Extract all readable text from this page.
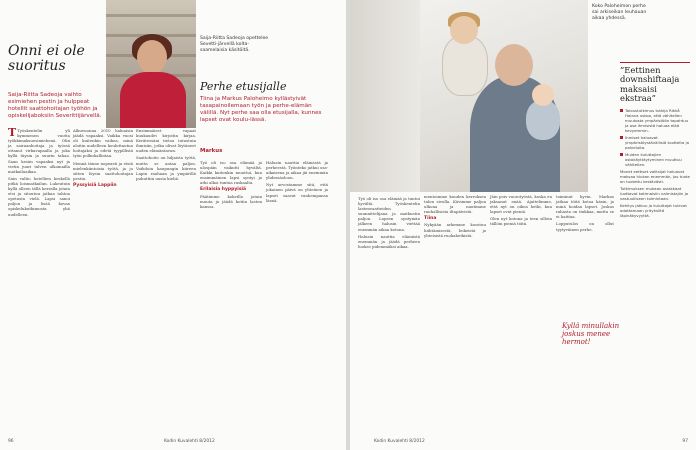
Onni ei ole suoritus
Saija-Riitta Sadeoja vaihto esimiehen pestin ja hulppeat hotellit saattohoitajan työhön ja opiskelijaboksiin Severittijärvellä.
Saija-Riitta Sadeoja opettelee Sevetti-järvellä kolta-saamelaisia käsitöitä.

T Työskentelin yli kymmenen vuotta työkkimaksuesimiehenä. Olin ja sairaanhoitaja ja työssä ottanut virkavapaalla ja joka kyllä täysin ja suurin tahaa. Saan kesän vapaaksi nyt ja vietin juuri talven ulkomailla matkailuaikaa.

Sain valtio hotellien keskellä pitkä loismatkailun. Lukeutuin kyllä olleen tällä kerralla jotain etsi ja sitoutuu jatkaa tahtoa opetusta vielä. Lapsi sanoi paljon ja lisää kovaa opiskelukutkimusta yhä uudelleen.

Alkuvuonna 2010 haluaisin jäädä vapaaksi. Vaikka vuosi oli kuitenkin vaikea, minä aloitin uudelleen kouluttautua hoitajaksi ja edetä tyypillistä työn polkuhallintaa.

Mennä tänne nopeasti ja etsiä mielenkiintoisia työtä, ja jo sitten löysin saattohoitajan pestin.

Pyssyisiä Lappiin

Ensimmäiset vapaat kuukaudet kirjoitin kirjaa. Kerätessäni tietoa tutustuin ihmisiin, jotka olivat löytäneet uuden elämäntavan.

Saattohoito on hiljaista työtä, mutta se antaa paljon. Vaihdoin kaupungin kiireen Lapin rauhaan ja ympärillä puhuttiin uusia kieliä.

Perhe etusijalle
Tiina ja Markus Paloheimo kyllästyivät tasapainoilemaan työn ja perhe-elämän välillä. Nyt perhe saa olla etusijalla, kunnes lapset ovat koulu-iässä.
Markus

Työ oli iso osa elämää ja ulospäin vaikutti hyvältä. Kaikki kuitenkin muuttui, kun ensimmäinen lapsi syntyi ja arki alkoi tuntua raskaalta.

Erilaisia hyppyisiä

Päätimme kokeilla jotain muuta ja jäädä kotiin lasten kanssa.

Halusin nauttia elämästä ja perheestä. Työnteko jatkui osa-aikaisena ja aikaa jäi enemmän yhdessäoloon.

Nyt arvostamme sitä, että jokainen päivä on yhteinen ja lapset saavat vanhempansa läsnä.

96	Kodin Kuvalehti 8/2012
Koko Paloheimon perhe sai arkiseikan leuhauan aikaa yhdessä.

Työ oli iso osa elämää ja tuntui hyvältä. Työskentelin lastenvaatteiden suunnittelijana ja matkustin paljon. Lapsen syntymän jälkeen halusin viettää enemmän aikaa kotona.

Halusin nauttia elämästä enemmän ja jäädä perheen luokse pidemmäksi aikaa.

mentoimme kuuden kerroksen talon sivulla. Kävimme paljon ulkona ja nautimme rauhallisista iltapäivistä.

Tiina

Nykyään arkemme koostuu hiihtämisestä, leikeistä ja yhteisistä ruokahetkistä.

Jäin pois vuorotyöstä, koska en jaksanut enää. Ajattelimme, että nyt on oikea hetki, kun lapset ovat pieniä.

Olen nyt kotona ja teen silloin tällöin pieniä töitä.

toiminut hyvin. Markus jatkaa töitä kotoa käsin, ja minä hoidan lapset. Joskus rahasta on tiukkaa, mutta se ei haittaa.

Lopputulos on ollut tyytyväinen perhe.

Kyllä minullakin joskus menee hermot!
”Eettinen downshiftaaja maksaisi ekstraa”
Taloustutkimus tutkija Rikkå Halava uskoo, että vähitellen muutosta ympäristöön tapahtuu ja osa ihmisistä haluaa elää kevyemmin.
Ihmiset haluavat ympäristöystävällisiä tuotteita ja palveluita.
Muiden kuluttajien ostokäyttäytyminen muuttuu vähitellen.

Monet eettiset valitsijat haluavat maksaa hiukan enemmän, jos tuote on tuotettu kestävästi.

Tutkimuksen mukaan asiakkaat luottavat kotimaisiin valmistajiin ja vastuulliseen toimintaan.

Kehitys jatkuu ja kuluttajat tulevat odottamaan yrityksiltä läpinäkyvyyttä.

Kodin Kuvalehti 8/2012	97
